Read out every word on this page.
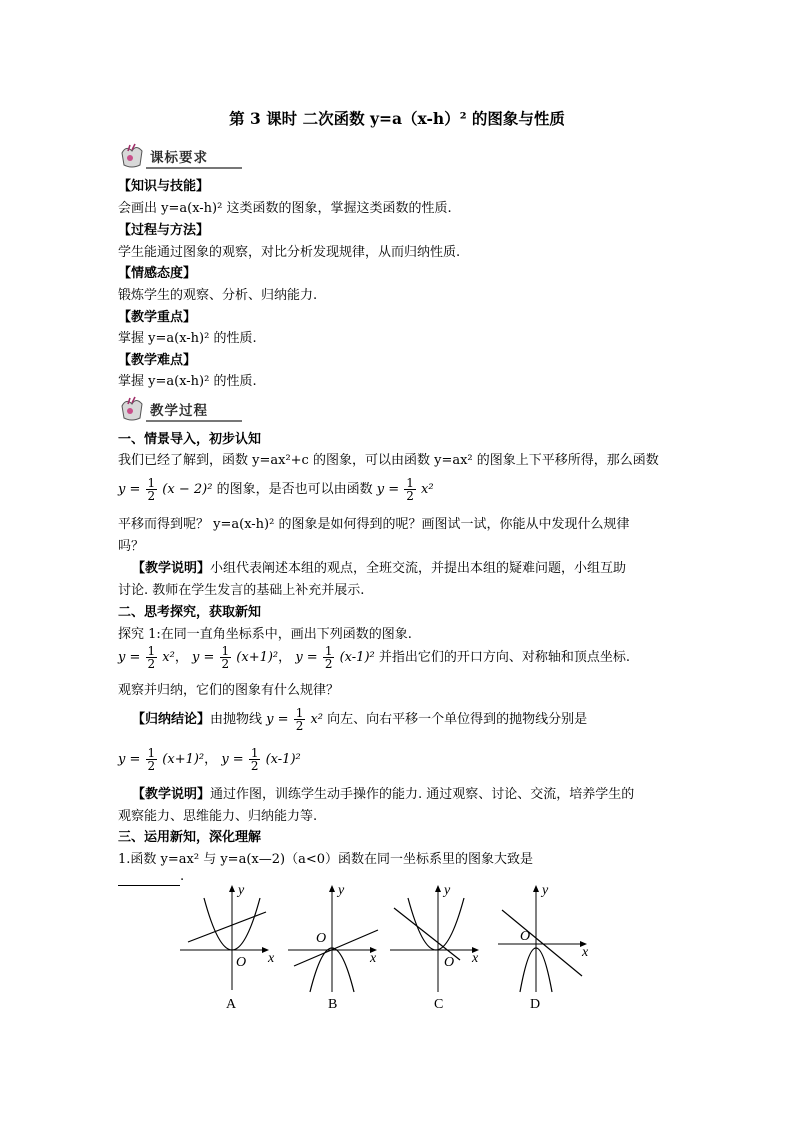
第 3 课时 二次函数 y=a（x-h）² 的图象与性质
课标要求
【知识与技能】
会画出 y=a(x-h)² 这类函数的图象，掌握这类函数的性质.
【过程与方法】
学生能通过图象的观察，对比分析发现规律，从而归纳性质.
【情感态度】
锻炼学生的观察、分析、归纳能力.
【教学重点】
掌握 y=a(x-h)² 的性质.
【教学难点】
掌握 y=a(x-h)² 的性质.
教学过程
一、情景导入，初步认知
我们已经了解到，函数 y=ax²+c 的图象，可以由函数 y=ax² 的图象上下平移所得，那么函数
$y = \frac{1}{2} (x - 2)^2$ 的图象，是否也可以由函数 $y = \frac{1}{2} x^2$
平移而得到呢？ y=a(x-h)² 的图象是如何得到的呢？画图试一试，你能从中发现什么规律
吗？
【教学说明】小组代表阐述本组的观点，全班交流，并提出本组的疑难问题，小组互助
讨论. 教师在学生发言的基础上补充并展示.
二、思考探究，获取新知
探究 1:在同一直角坐标系中，画出下列函数的图象.
$y = \frac{1}{2} x^2$， $y = \frac{1}{2} (x+1)^2$， $y = \frac{1}{2} (x-1)^2$ 并指出它们的开口方向、对称轴和顶点坐标.
观察并归纳，它们的图象有什么规律？
【归纳结论】由抛物线 $y = \frac{1}{2} x^2$ 向左、向右平移一个单位得到的抛物线分别是
$y = \frac{1}{2} (x+1)^2$， $y = \frac{1}{2} (x-1)^2$
【教学说明】通过作图，训练学生动手操作的能力. 通过观察、讨论、交流，培养学生的
观察能力、思维能力、归纳能力等.
三、运用新知，深化理解
1.函数 y=ax² 与 y=a(x—2)（a<0）函数在同一坐标系里的图象大致是
.
O x
y
A
O
x
y
B
O x
y
C
O
x
y
D
